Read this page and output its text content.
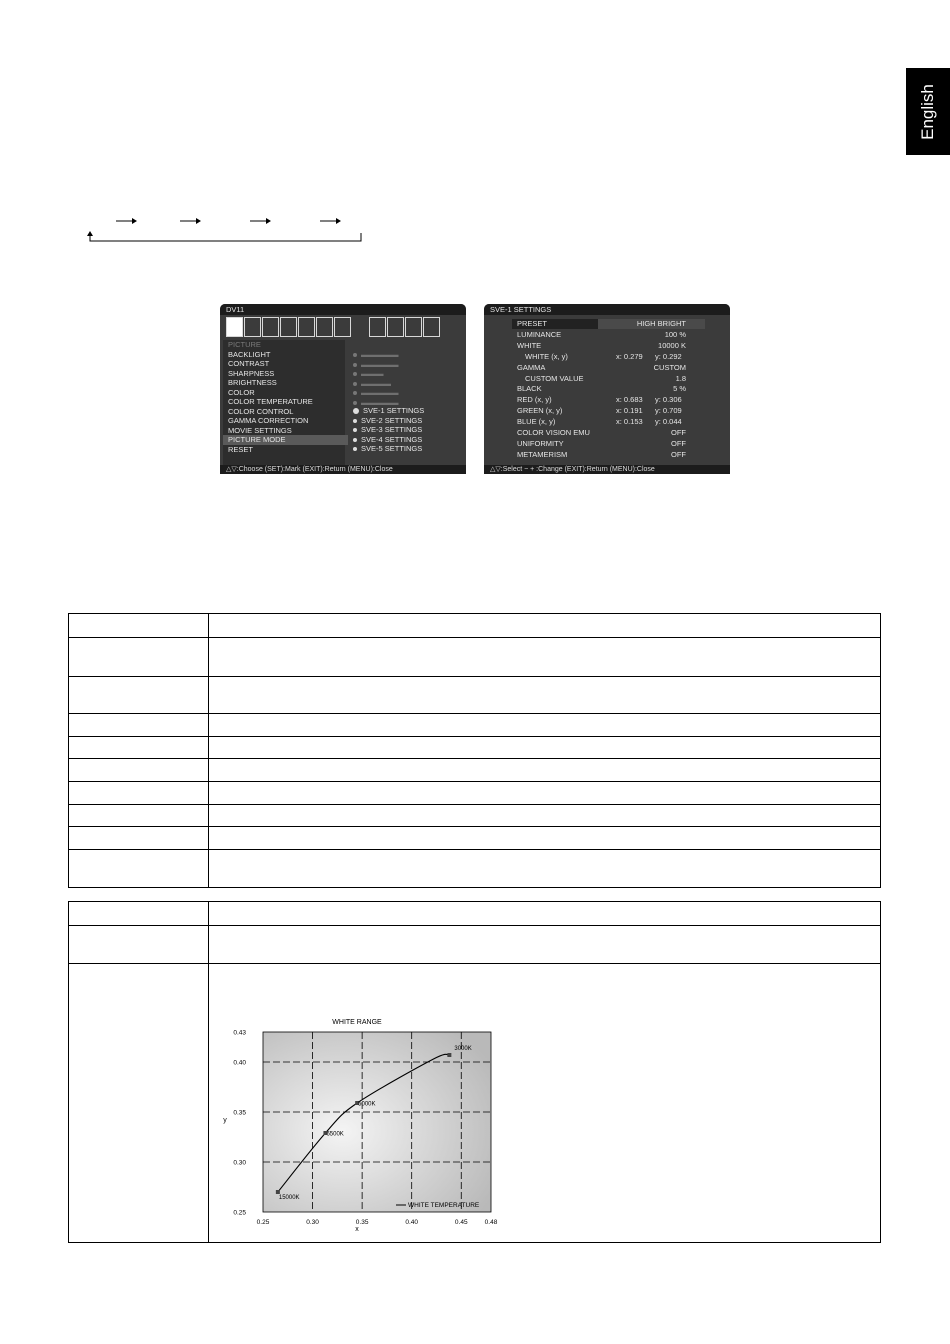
English
DV11
PICTURE
BACKLIGHT
CONTRAST
SHARPNESS
BRIGHTNESS
COLOR
COLOR TEMPERATURE
COLOR CONTROL
GAMMA CORRECTION
MOVIE SETTINGS
PICTURE MODE
RESET
▬▬▬▬▬
▬▬▬▬▬
▬▬▬
▬▬▬▬
▬▬▬▬▬
▬▬▬▬▬
SVE-1 SETTINGS
SVE-2 SETTINGS
SVE-3 SETTINGS
SVE-4 SETTINGS
SVE-5 SETTINGS
△▽:Choose (SET):Mark (EXIT):Return (MENU):Close
SVE-1 SETTINGS
PRESET	HIGH BRIGHT
LUMINANCE	100 %
WHITE	10000 K
WHITE (x, y)	x: 0.279 y: 0.292
GAMMA	CUSTOM
CUSTOM VALUE	1.8
BLACK	5 %
RED (x, y)	x: 0.683 y: 0.306
GREEN (x, y)	x: 0.191 y: 0.709
BLUE (x, y)	x: 0.153 y: 0.044
COLOR VISION EMU	OFF
UNIFORMITY	OFF
METAMERISM	OFF
△▽:Select − + :Change (EXIT):Return (MENU):Close

WHITE RANGE
0.25	0.30	0.35	0.40	0.45	0.48
0.43
0.40
0.35
0.30
0.25
x
y
15000K
6500K
5000K
3000K
WHITE TEMPERATURE
